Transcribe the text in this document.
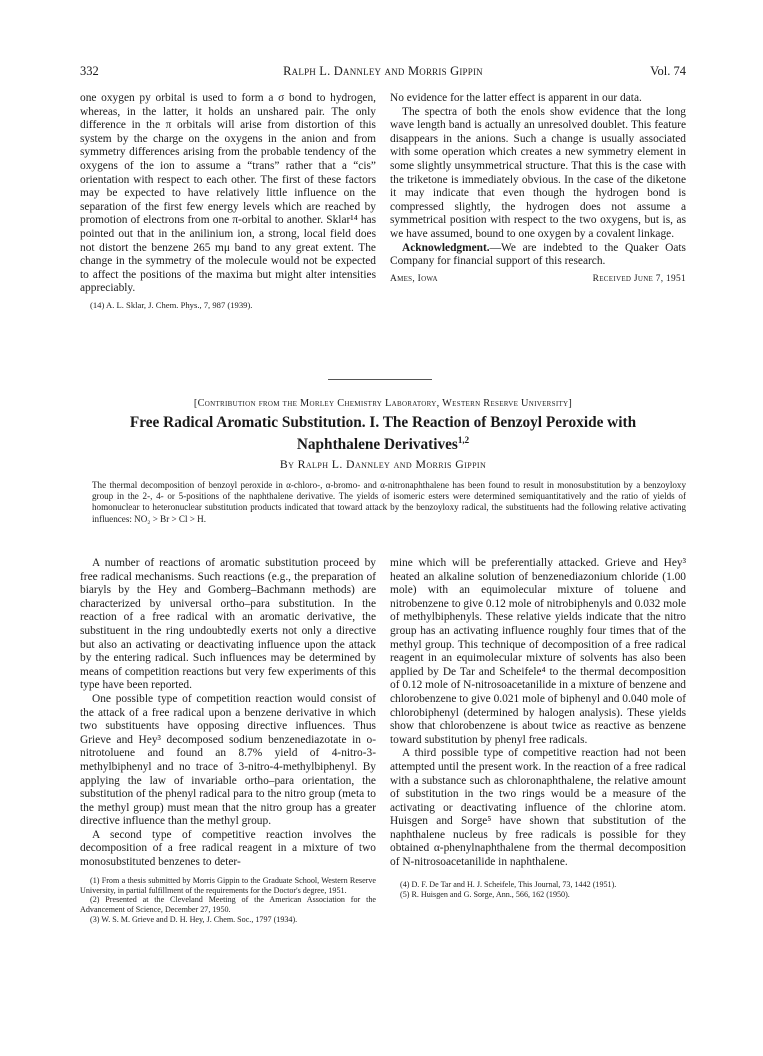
332	Ralph L. Dannley and Morris Gippin	Vol. 74

one oxygen pу orbital is used to form a σ bond to hydrogen, whereas, in the latter, it holds an unshared pair. The only difference in the π orbitals will arise from distortion of this system by the charge on the oxygens in the anion and from symmetry differences arising from the probable tendency of the oxygens of the ion to assume a “trans” rather that a “cis” orientation with respect to each other. The first of these factors may be expected to have relatively little influence on the separation of the first few energy levels which are reached by promotion of electrons from one π-orbital to another. Sklar¹⁴ has pointed out that in the anilinium ion, a strong, local field does not distort the benzene 265 mμ band to any great extent. The change in the symmetry of the molecule would not be expected to affect the positions of the maxima but might alter intensities appreciably.

(14) A. L. Sklar, J. Chem. Phys., 7, 987 (1939).

No evidence for the latter effect is apparent in our data.

The spectra of both the enols show evidence that the long wave length band is actually an unresolved doublet. This feature disappears in the anions. Such a change is usually associated with some operation which creates a new symmetry element in some slightly unsymmetrical structure. That this is the case with the triketone is immediately obvious. In the case of the diketone it may indicate that even though the hydrogen bond is compressed slightly, the hydrogen does not assume a symmetrical position with respect to the two oxygens, but is, as we have assumed, bound to one oxygen by a covalent linkage.

Acknowledgment.—We are indebted to the Quaker Oats Company for financial support of this research.

Ames, Iowa	Received June 7, 1951
[Contribution from the Morley Chemistry Laboratory, Western Reserve University]
Free Radical Aromatic Substitution. I. The Reaction of Benzoyl Peroxide with
Naphthalene Derivatives$^{1,2}$
By Ralph L. Dannley and Morris Gippin

The thermal decomposition of benzoyl peroxide in α-chloro-, α-bromo- and α-nitronaphthalene has been found to result in monosubstitution by a benzoyloxy group in the 2-, 4- or 5-positions of the naphthalene derivative. The yields of isomeric esters were determined semiquantitatively and the ratio of yields of homonuclear to heteronuclear substitution products indicated that toward attack by the benzoyloxy radical, the substituents had the following relative activating influences: NO₂ > Br > Cl > H.

A number of reactions of aromatic substitution proceed by free radical mechanisms. Such reactions (e.g., the preparation of biaryls by the Hey and Gomberg–Bachmann methods) are characterized by universal ortho–para substitution. In the reaction of a free radical with an aromatic derivative, the substituent in the ring undoubtedly exerts not only a directive but also an activating or deactivating influence upon the attack by the entering radical. Such influences may be determined by means of competition reactions but very few experiments of this type have been reported.

One possible type of competition reaction would consist of the attack of a free radical upon a benzene derivative in which two substituents have opposing directive influences. Thus Grieve and Hey³ decomposed sodium benzenediazotate in o-nitrotoluene and found an 8.7% yield of 4-nitro-3-methylbiphenyl and no trace of 3-nitro-4-methylbiphenyl. By applying the law of invariable ortho–para orientation, the substitution of the phenyl radical para to the nitro group (meta to the methyl group) must mean that the nitro group has a greater directive influence than the methyl group.

A second type of competitive reaction involves the decomposition of a free radical reagent in a mixture of two monosubstituted benzenes to deter-

(1) From a thesis submitted by Morris Gippin to the Graduate School, Western Reserve University, in partial fulfillment of the requirements for the Doctor's degree, 1951.

(2) Presented at the Cleveland Meeting of the American Association for the Advancement of Science, December 27, 1950.

(3) W. S. M. Grieve and D. H. Hey, J. Chem. Soc., 1797 (1934).

mine which will be preferentially attacked. Grieve and Hey³ heated an alkaline solution of benzenediazonium chloride (1.00 mole) with an equimolecular mixture of toluene and nitrobenzene to give 0.12 mole of nitrobiphenyls and 0.032 mole of methylbiphenyls. These relative yields indicate that the nitro group has an activating influence roughly four times that of the methyl group. This technique of decomposition of a free radical reagent in an equimolecular mixture of solvents has also been applied by De Tar and Scheifele⁴ to the thermal decomposition of 0.12 mole of N-nitrosoacetanilide in a mixture of benzene and chlorobenzene to give 0.021 mole of biphenyl and 0.040 mole of chlorobiphenyl (determined by halogen analysis). These yields show that chlorobenzene is about twice as reactive as benzene toward substitution by phenyl free radicals.

A third possible type of competitive reaction had not been attempted until the present work. In the reaction of a free radical with a substance such as chloronaphthalene, the relative amount of substitution in the two rings would be a measure of the activating or deactivating influence of the chlorine atom. Huisgen and Sorge⁵ have shown that substitution of the naphthalene nucleus by free radicals is possible for they obtained α-phenylnaphthalene from the thermal decomposition of N-nitrosoacetanilide in naphthalene.

(4) D. F. De Tar and H. J. Scheifele, This Journal, 73, 1442 (1951).

(5) R. Huisgen and G. Sorge, Ann., 566, 162 (1950).
